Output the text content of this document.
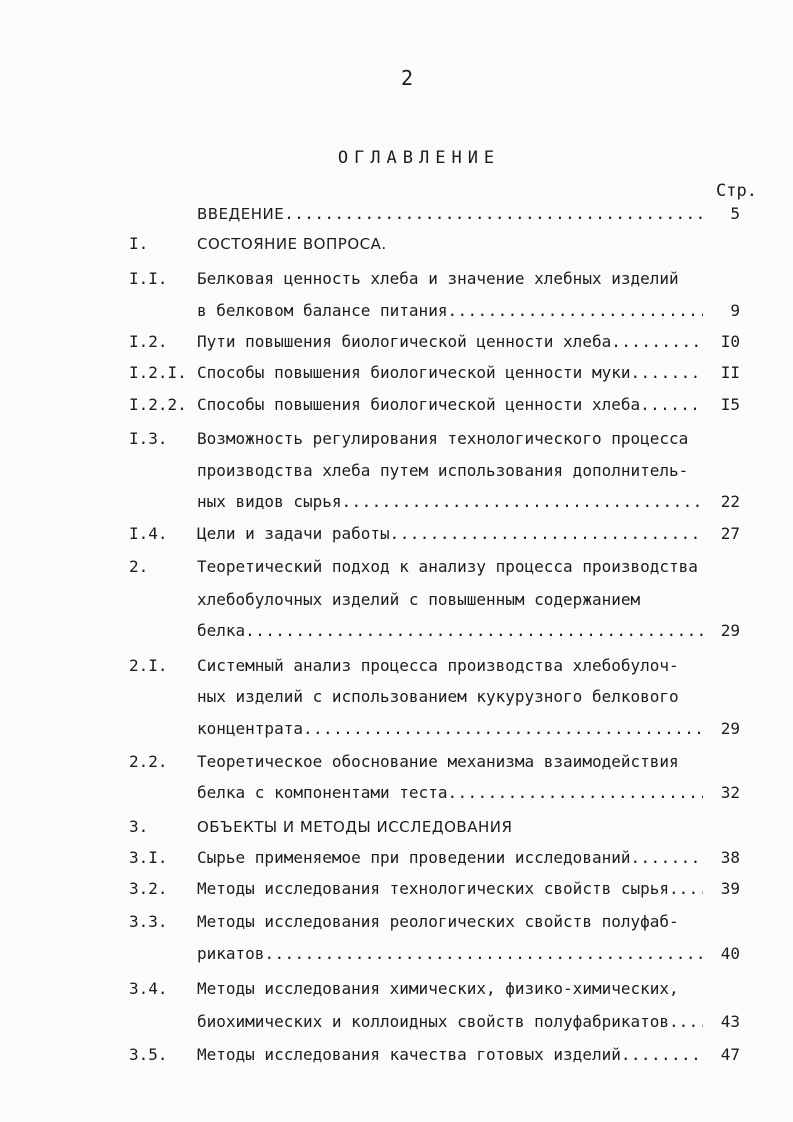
2
ОГЛАВЛЕНИЕ
Стр.
ВВЕДЕНИЕ .....	5
I.	СОСТОЯНИЕ ВОПРОСА.
I.I. Белковая ценность хлеба и значение хлебных изделий
в белковом балансе питания .....	9
I.2. Пути повышения биологической ценности хлеба .....	I0
I.2.I. Способы повышения биологической ценности муки .....	II
I.2.2. Способы повышения биологической ценности хлеба .....	I5
I.3. Возможность регулирования технологического процесса
производства хлеба путем использования дополнитель-
ных видов сырья .....	22
I.4. Цели и задачи работы .....	27
2.	Теоретический подход к анализу процесса производства
хлебобулочных изделий с повышенным содержанием
белка .....	29
2.I. Системный анализ процесса производства хлебобулоч-
ных изделий с использованием кукурузного белкового
концентрата .....	29
2.2. Теоретическое обоснование механизма взаимодействия
белка с компонентами теста .....	32
3.	ОБЪЕКТЫ И МЕТОДЫ ИССЛЕДОВАНИЯ
3.I. Сырье применяемое при проведении исследований .....	38
3.2. Методы исследования технологических свойств сырья. .....	39
3.3. Методы исследования реологических свойств полуфаб-
рикатов .....	40
3.4. Методы исследования химических, физико-химических,
биохимических и коллоидных свойств полуфабрикатов. .....	43
3.5. Методы исследования качества готовых изделий .....	47
